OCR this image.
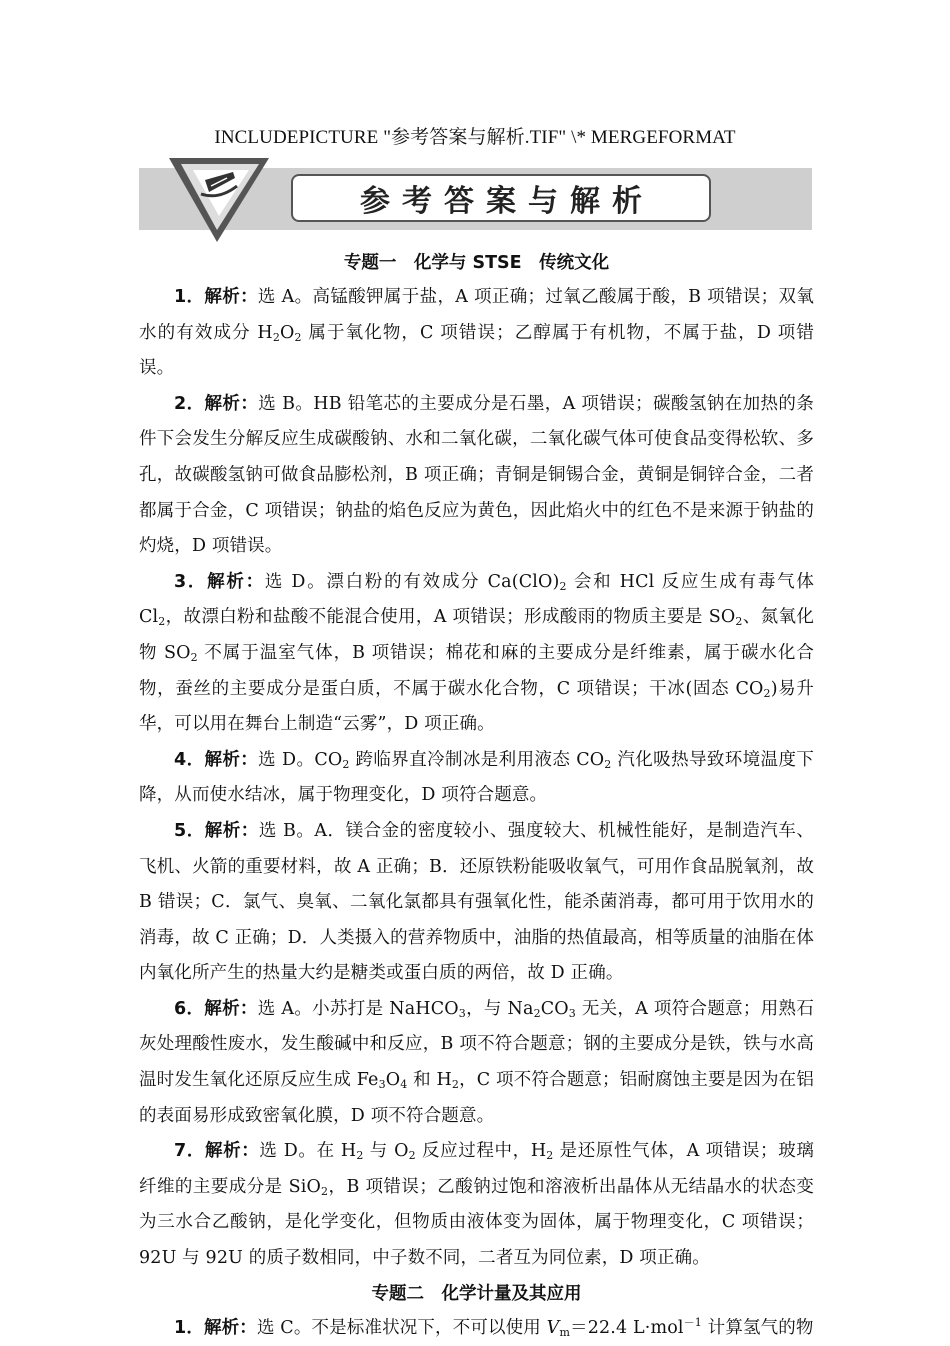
INCLUDEPICTURE "参考答案与解析.TIF" \* MERGEFORMAT
参考答案与解析
专题一　化学与 STSE　传统文化

1．解析：选 A。高锰酸钾属于盐，A 项正确；过氧乙酸属于酸，B 项错误；双氧水的有效成分 $H_2O_2$ 属于氧化物，C 项错误；乙醇属于有机物，不属于盐，D 项错误。

2．解析：选 B。HB 铅笔芯的主要成分是石墨，A 项错误；碳酸氢钠在加热的条件下会发生分解反应生成碳酸钠、水和二氧化碳，二氧化碳气体可使食品变得松软、多孔，故碳酸氢钠可做食品膨松剂，B 项正确；青铜是铜锡合金，黄铜是铜锌合金，二者都属于合金，C 项错误；钠盐的焰色反应为黄色，因此焰火中的红色不是来源于钠盐的灼烧，D 项错误。

3．解析：选 D。漂白粉的有效成分 $Ca(ClO)_2$ 会和 HCl 反应生成有毒气体 $Cl_2$，故漂白粉和盐酸不能混合使用，A 项错误；形成酸雨的物质主要是 $SO_2$、氮氧化物 $SO_2$ 不属于温室气体，B 项错误；棉花和麻的主要成分是纤维素，属于碳水化合物，蚕丝的主要成分是蛋白质，不属于碳水化合物，C 项错误；干冰(固态 $CO_2$)易升华，可以用在舞台上制造“云雾”，D 项正确。

4．解析：选 D。$CO_2$ 跨临界直冷制冰是利用液态 $CO_2$ 汽化吸热导致环境温度下降，从而使水结冰，属于物理变化，D 项符合题意。

5．解析：选 B。A．镁合金的密度较小、强度较大、机械性能好，是制造汽车、飞机、火箭的重要材料，故 A 正确；B．还原铁粉能吸收氧气，可用作食品脱氧剂，故 B 错误；C．氯气、臭氧、二氧化氯都具有强氧化性，能杀菌消毒，都可用于饮用水的消毒，故 C 正确；D．人类摄入的营养物质中，油脂的热值最高，相等质量的油脂在体内氧化所产生的热量大约是糖类或蛋白质的两倍，故 D 正确。

6．解析：选 A。小苏打是 NaHCO$_3$，与 $Na_2CO_3$ 无关，A 项符合题意；用熟石灰处理酸性废水，发生酸碱中和反应，B 项不符合题意；钢的主要成分是铁，铁与水高温时发生氧化还原反应生成 $Fe_3O_4$ 和 $H_2$，C 项不符合题意；铝耐腐蚀主要是因为在铝的表面易形成致密氧化膜，D 项不符合题意。

7．解析：选 D。在 $H_2$ 与 $O_2$ 反应过程中，$H_2$ 是还原性气体，A 项错误；玻璃纤维的主要成分是 SiO$_2$，B 项错误；乙酸钠过饱和溶液析出晶体从无结晶水的状态变为三水合乙酸钠，是化学变化，但物质由液体变为固体，属于物理变化，C 项错误；92U 与 92U 的质子数相同，中子数不同，二者互为同位素，D 项正确。

专题二　化学计量及其应用

1．解析：选 C。不是标准状况下，不可以使用 $V_m=22.4$ L·mol$^{-1}$ 计算氢气的物
